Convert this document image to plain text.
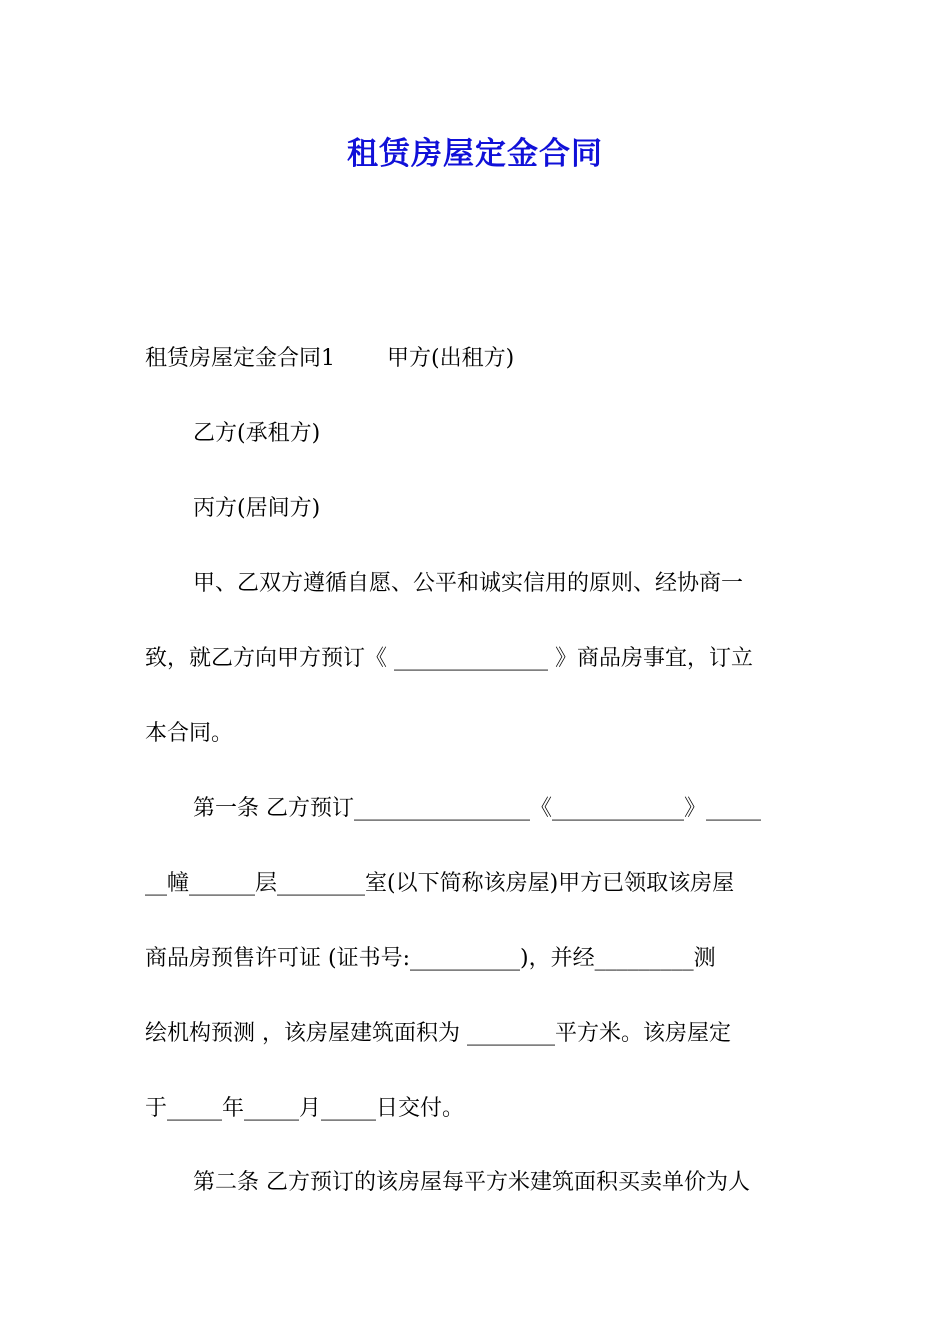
租赁房屋定金合同
租赁房屋定金合同1 甲方(出租方)
乙方(承租方)
丙方(居间方)
甲、乙双方遵循自愿、公平和诚实信用的原则、经协商一
致，就乙方向甲方预订《 ______________ 》商品房事宜，订立
本合同。
第一条 乙方预订________________《____________》_____
__幢______层________室(以下简称该房屋)甲方已领取该房屋
商品房预售许可证 (证书号:__________)，并经_________测
绘机构预测 ，该房屋建筑面积为 ________平方米。该房屋定
于_____年_____月_____日交付。
第二条 乙方预订的该房屋每平方米建筑面积买卖单价为人
